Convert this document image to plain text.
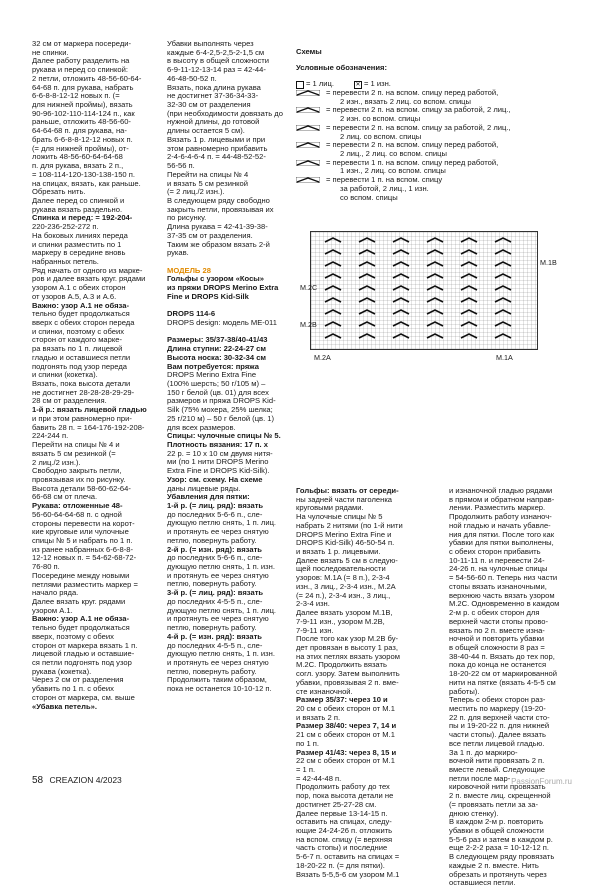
32 см от маркера посереди-

не спинки.

Далее работу разделить на

рукава и перед со спинкой:

2 петли, отложить 48-56-60-64-

64-68 п. для рукава, набрать

6-6-8-8-12-12 новых п. (=

для нижней проймы), вязать

90-96-102-110-114-124 п., как

раньше, отложить 48-56-60-

64-64-68 п. для рукава, на-

брать 6-6-8-8-12-12 новых п.

(= для нижней проймы), от-

ложить 48-56-60-64-64-68

п. для рукава, вязать 2 п.,

= 108-114-120-130-138-150 п.

на спицах, вязать, как раньше.

Обрезать нить.

Далее перед со спинкой и

рукава вязать раздельно.

Спинка и перед: = 192-204-

220-236-252-272 п.

На боковых линиях переда

и спинки разместить по 1

маркеру в середине вновь

набранных петель.

Ряд начать от одного из марке-

ров и далее вязать круг. рядами

узором A.1 с обеих сторон

от узоров A.5, A.3 и A.6.

Важно: узор A.1 не обяза-

тельно будет продолжаться

вверх с обеих сторон переда

и спинки, поэтому с обеих

сторон от каждого марке-

ра вязать по 1 п. лицевой

гладью и оставшиеся петли

подгонять под узор переда

и спинки (кокетка).

Вязать, пока высота детали

не достигнет 28-28-28-29-29-

28 см от разделения.

1-й р.: вязать лицевой гладью

и при этом равномерно при-

бавить 28 п. = 164-176-192-208-

224-244 п.

Перейти на спицы № 4 и

вязать 5 см резинкой (=

2 лиц./2 изн.).

Свободно закрыть петли,

провязывая их по рисунку.

Высота детали 58-60-62-64-

66-68 см от плеча.

Рукава: отложенные 48-

56-60-64-64-68 п. с одной

стороны перевести на корот-

кие круговые или чулочные

спицы № 5 и набрать по 1 п.

из ранее набранных 6-6-8-8-

12-12 новых п. = 54-62-68-72-

76-80 п.

Посередине между новыми

петлями разместить маркер =

начало ряда.

Далее вязать круг. рядами

узором A.1.

Важно: узор A.1 не обяза-

тельно будет продолжаться

вверх, поэтому с обеих

сторон от маркера вязать 1 п.

лицевой гладью и оставшие-

ся петли подгонять под узор

рукава (кокетка).

Через 2 см от разделения

убавить по 1 п. с обеих

сторон от маркера, см. выше

«Убавка петель».

Убавки выполнять через

каждые 6-4-2,5-2,5-2-1,5 см

в высоту в общей сложности

6-9-11-12-13-14 раз = 42-44-

46-48-50-52 п.

Вязать, пока длина рукава

не достигнет 37-36-34-33-

32-30 см от разделения

(при необходимости довязать до

нужной длины, до готовой

длины остается 5 см).

Вязать 1 р. лицевыми и при

этом равномерно прибавить

2-4-6-4-6-4 п. = 44-48-52-52-

56-56 п.

Перейти на спицы № 4

и вязать 5 см резинкой

(= 2 лиц./2 изн.).

В следующем ряду свободно

закрыть петли, провязывая их

по рисунку.

Длина рукава = 42-41-39-38-

37-35 см от разделения.

Таким же образом вязать 2-й

рукав.

МОДЕЛЬ 28

Гольфы с узором «Косы»

из пряжи DROPS Merino Extra

Fine и DROPS Kid-Silk

DROPS 114-6

DROPS design: модель ME-011

Размеры: 35/37-38/40-41/43

Длина ступни: 22-24-27 см

Высота носка: 30-32-34 см

Вам потребуется: пряжа

DROPS Merino Extra Fine

(100% шерсть; 50 г/105 м) –

150 г белой (цв. 01) для всех

размеров и пряжа DROPS Kid-

Silk (75% мохера, 25% шелка;

25 г/210 м) – 50 г белой (цв. 1)

для всех размеров.

Спицы: чулочные спицы № 5.

Плотность вязания: 17 п. x

22 р. = 10 x 10 см двумя нитя-

ми (по 1 нити DROPS Merino

Extra Fine и DROPS Kid-Silk).

Узор: см. схему. На схеме

даны лицевые ряды.

Убавления для пятки:

1-й р. (= лиц. ряд): вязать

до последних 5-6-6 п., сле-

дующую петлю снять, 1 п. лиц.

и протянуть ее через снятую

петлю, повернуть работу.

2-й р. (= изн. ряд): вязать

до последних 5-6-6 п., сле-

дующую петлю снять, 1 п. изн.

и протянуть ее через снятую

петлю, повернуть работу.

3-й р. (= лиц. ряд): вязать

до последних 4-5-5 п., сле-

дующую петлю снять, 1 п. лиц.

и протянуть ее через снятую

петлю, повернуть работу.

4-й р. (= изн. ряд): вязать

до последних 4-5-5 п., сле-

дующую петлю снять, 1 п. изн.

и протянуть ее через снятую

петлю, повернуть работу.

Продолжить таким образом,

пока не останется 10-10-12 п.

Схемы

Условные обозначения:

= 1 лиц.	✕ = 1 изн.
= перевести 2 п. на вспом. спицу перед работой,
2 изн., вязать 2 лиц. со вспом. спицы
= перевести 2 п. на вспом. спицу за работой, 2 лиц.,
2 изн. со вспом. спицы
= перевести 2 п. на вспом. спицу за работой, 2 лиц.,
2 лиц. со вспом. спицы
= перевести 2 п. на вспом. спицу перед работой,
2 лиц., 2 лиц. со вспом. спицы
= перевести 1 п. на вспом. спицу перед работой,
1 изн., 2 лиц. со вспом. спицы
= перевести 1 п. на вспом. спицу
за работой, 2 лиц., 1 изн.
со вспом. спицы
M.2A	M.1A
M.1B
M.2C
M.2B

Гольфы: вязать от середи-

ны задней части паголенка

круговыми рядами.

На чулочные спицы № 5

набрать 2 нитями (по 1-й нити

DROPS Merino Extra Fine и

DROPS Kid-Silk) 46-50-54 п.

и вязать 1 р. лицевыми.

Далее вязать 5 см в следую-

щей последовательности

узоров: M.1A (= 8 п.), 2-3-4

изн., 3 лиц., 2-3-4 изн., M.2A

(= 24 п.), 2-3-4 изн., 3 лиц.,

2-3-4 изн.

Далее вязать узором M.1B,

7-9-11 изн., узором M.2B,

7-9-11 изн.

После того как узор M.2B бу-

дет провязан в высоту 1 раз,

на этих петлях вязать узором

M.2C. Продолжить вязать

согл. узору. Затем выполнить

убавки, провязывая 2 п. вме-

сте изнаночной.

Размер 35/37: через 10 и

20 см с обеих сторон от M.1

и вязать 2 п.

Размер 38/40: через 7, 14 и

21 см с обеих сторон от M.1

по 1 п.

Размер 41/43: через 8, 15 и

22 см с обеих сторон от M.1

= 1 п.

= 42-44-48 п.

Продолжить работу до тех

пор, пока высота детали не

достигнет 25-27-28 см.

Далее первые 13-14-15 п.

оставить на спицах, следу-

ющие 24-24-26 п. отложить

на вспом. спицу (= верхняя

часть стопы) и последние

5-6-7 п. оставить на спицах =

18-20-22 п. (= для пятки).

Вязать 5-5,5-6 см узором M.1

и изнаночной гладью рядами

в прямом и обратном направ-

лении. Разместить маркер.

Продолжить работу изнаноч-

ной гладью и начать убавле-

ния для пятки. После того как

убавки для пятки выполнены,

с обеих сторон прибавить

10-11-11 п. и перевести 24-

24-26 п. на чулочные спицы

= 54-56-60 п. Теперь низ части

стопы вязать изнаночными,

верхнюю часть вязать узором

M.2C. Одновременно в каждом

2-м р. с обеих сторон для

верхней части стопы прово-

вязать по 2 п. вместе изна-

ночной и повторить убавки

в общей сложности 8 раз =

38-40-44 п. Вязать до тех пор,

пока до конца не останется

18-20-22 см от маркированной

нити на пятке (вязать 4-5-5 см

работы).

Теперь с обеих сторон раз-

местить по маркеру (19-20-

22 п. для верхней части сто-

пы и 19-20-22 п. для нижней

части стопы). Далее вязать

все петли лицевой гладью.

За 1 п. до маркиро-

вочной нити провязать 2 п.

вместе левый. Следующие

петли после мар-

кировочной нити провязать

2 п. вместе лиц. скрещенной

(= провязать петли за за-

днюю стенку).

В каждом 2-м р. повторить

убавки в общей сложности

5-5-6 раз и затем в каждом р.

еще 2-2-2 раза = 10-12-12 п.

В следующем ряду провязать

каждые 2 п. вместе. Нить

обрезать и протянуть через

оставшиеся петли.

58 CREAZION 4/2023	PassionForum.ru
